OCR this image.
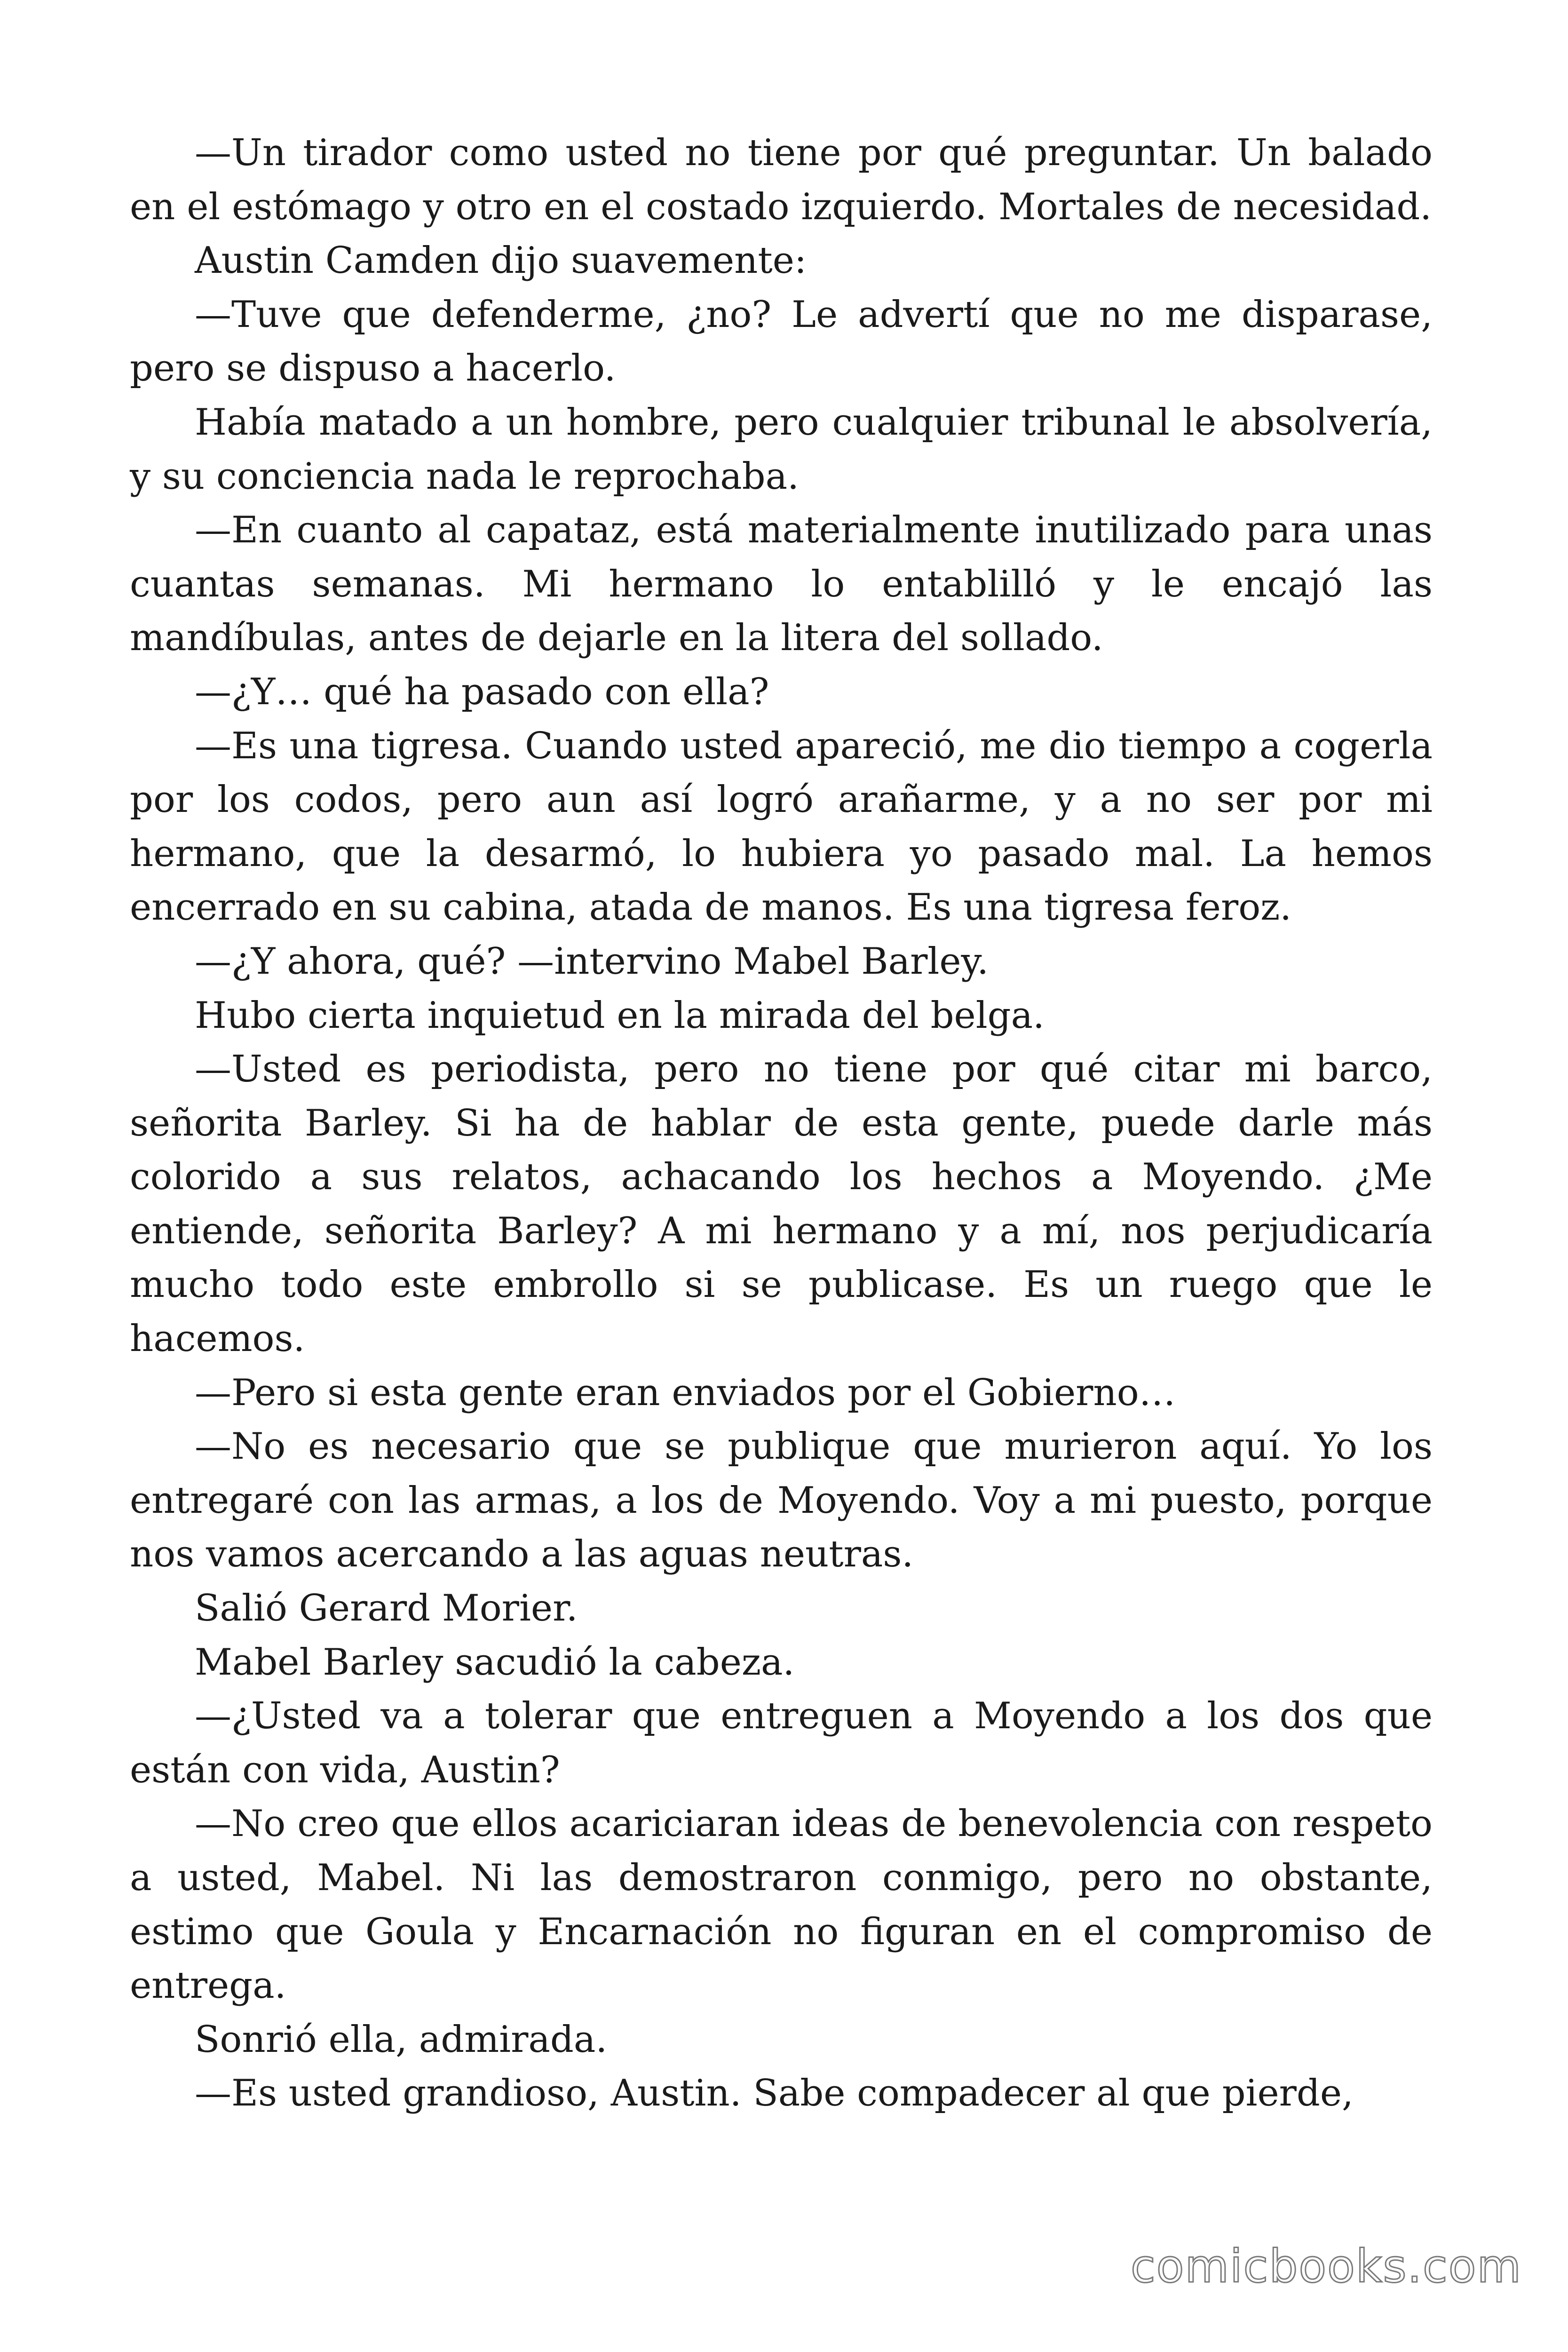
—Un tirador como usted no tiene por qué preguntar. Un balado en el estómago y otro en el costado izquierdo. Mortales de necesidad.

Austin Camden dijo suavemente:

—Tuve que defenderme, ¿no? Le advertí que no me disparase, pero se dispuso a hacerlo.

Había matado a un hombre, pero cualquier tribunal le absolvería, y su conciencia nada le reprochaba.

—En cuanto al capataz, está materialmente inutilizado para unas cuantas semanas. Mi hermano lo entablilló y le encajó las mandíbulas, antes de dejarle en la litera del sollado.

—¿Y… qué ha pasado con ella?

—Es una tigresa. Cuando usted apareció, me dio tiempo a cogerla por los codos, pero aun así logró arañarme, y a no ser por mi hermano, que la desarmó, lo hubiera yo pasado mal. La hemos encerrado en su cabina, atada de manos. Es una tigresa feroz.

—¿Y ahora, qué? —intervino Mabel Barley.

Hubo cierta inquietud en la mirada del belga.

—Usted es periodista, pero no tiene por qué citar mi barco, señorita Barley. Si ha de hablar de esta gente, puede darle más colorido a sus relatos, achacando los hechos a Moyendo. ¿Me entiende, señorita Barley? A mi hermano y a mí, nos perjudicaría mucho todo este embrollo si se publicase. Es un ruego que le hacemos.

—Pero si esta gente eran enviados por el Gobierno…

—No es necesario que se publique que murieron aquí. Yo los entregaré con las armas, a los de Moyendo. Voy a mi puesto, porque nos vamos acercando a las aguas neutras.

Salió Gerard Morier.

Mabel Barley sacudió la cabeza.

—¿Usted va a tolerar que entreguen a Moyendo a los dos que están con vida, Austin?

—No creo que ellos acariciaran ideas de benevolencia con respeto a usted, Mabel. Ni las demostraron conmigo, pero no obstante, estimo que Goula y Encarnación no figuran en el compromiso de entrega.

Sonrió ella, admirada.

—Es usted grandioso, Austin. Sabe compadecer al que pierde,

comicbooks.com
